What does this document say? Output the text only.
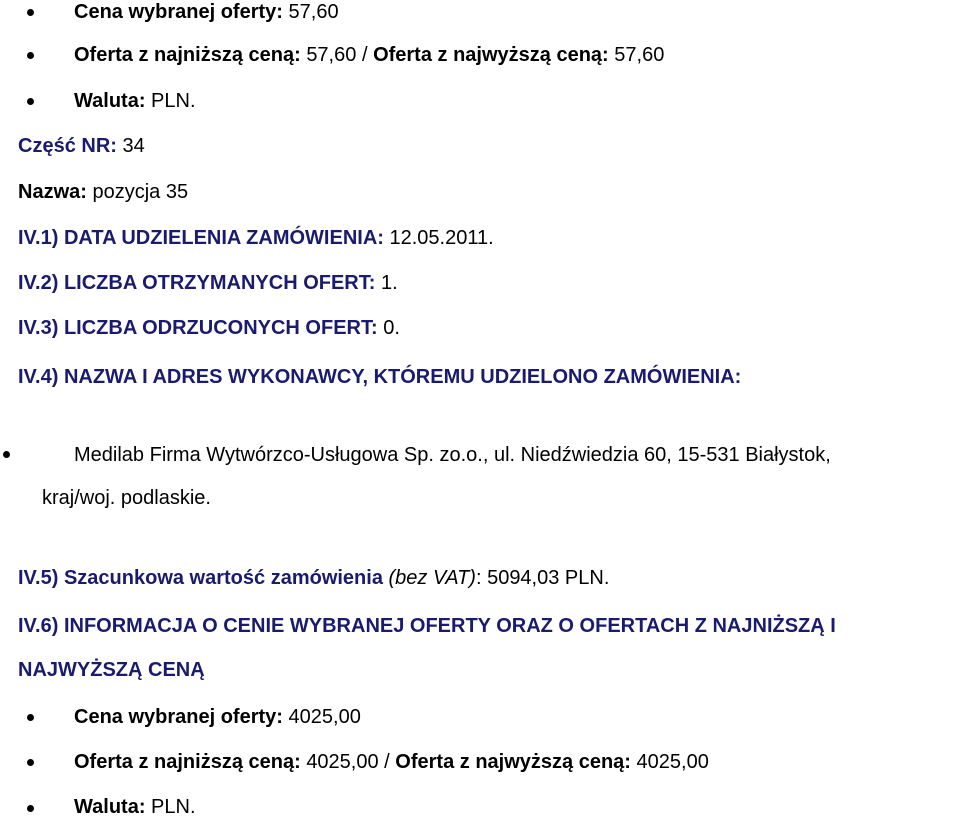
Cena wybranej oferty: 57,60
Oferta z najniższą ceną: 57,60 / Oferta z najwyższą ceną: 57,60
Waluta: PLN.
Część NR: 34
Nazwa: pozycja 35
IV.1) DATA UDZIELENIA ZAMÓWIENIA: 12.05.2011.
IV.2) LICZBA OTRZYMANYCH OFERT: 1.
IV.3) LICZBA ODRZUCONYCH OFERT: 0.
IV.4) NAZWA I ADRES WYKONAWCY, KTÓREMU UDZIELONO ZAMÓWIENIA:
Medilab Firma Wytwórzco-Usługowa Sp. zo.o., ul. Niedźwiedzia 60, 15-531 Białystok,
kraj/woj. podlaskie.
IV.5) Szacunkowa wartość zamówienia (bez VAT): 5094,03 PLN.
IV.6) INFORMACJA O CENIE WYBRANEJ OFERTY ORAZ O OFERTACH Z NAJNIŻSZĄ I
NAJWYŻSZĄ CENĄ
Cena wybranej oferty: 4025,00
Oferta z najniższą ceną: 4025,00 / Oferta z najwyższą ceną: 4025,00
Waluta: PLN.
